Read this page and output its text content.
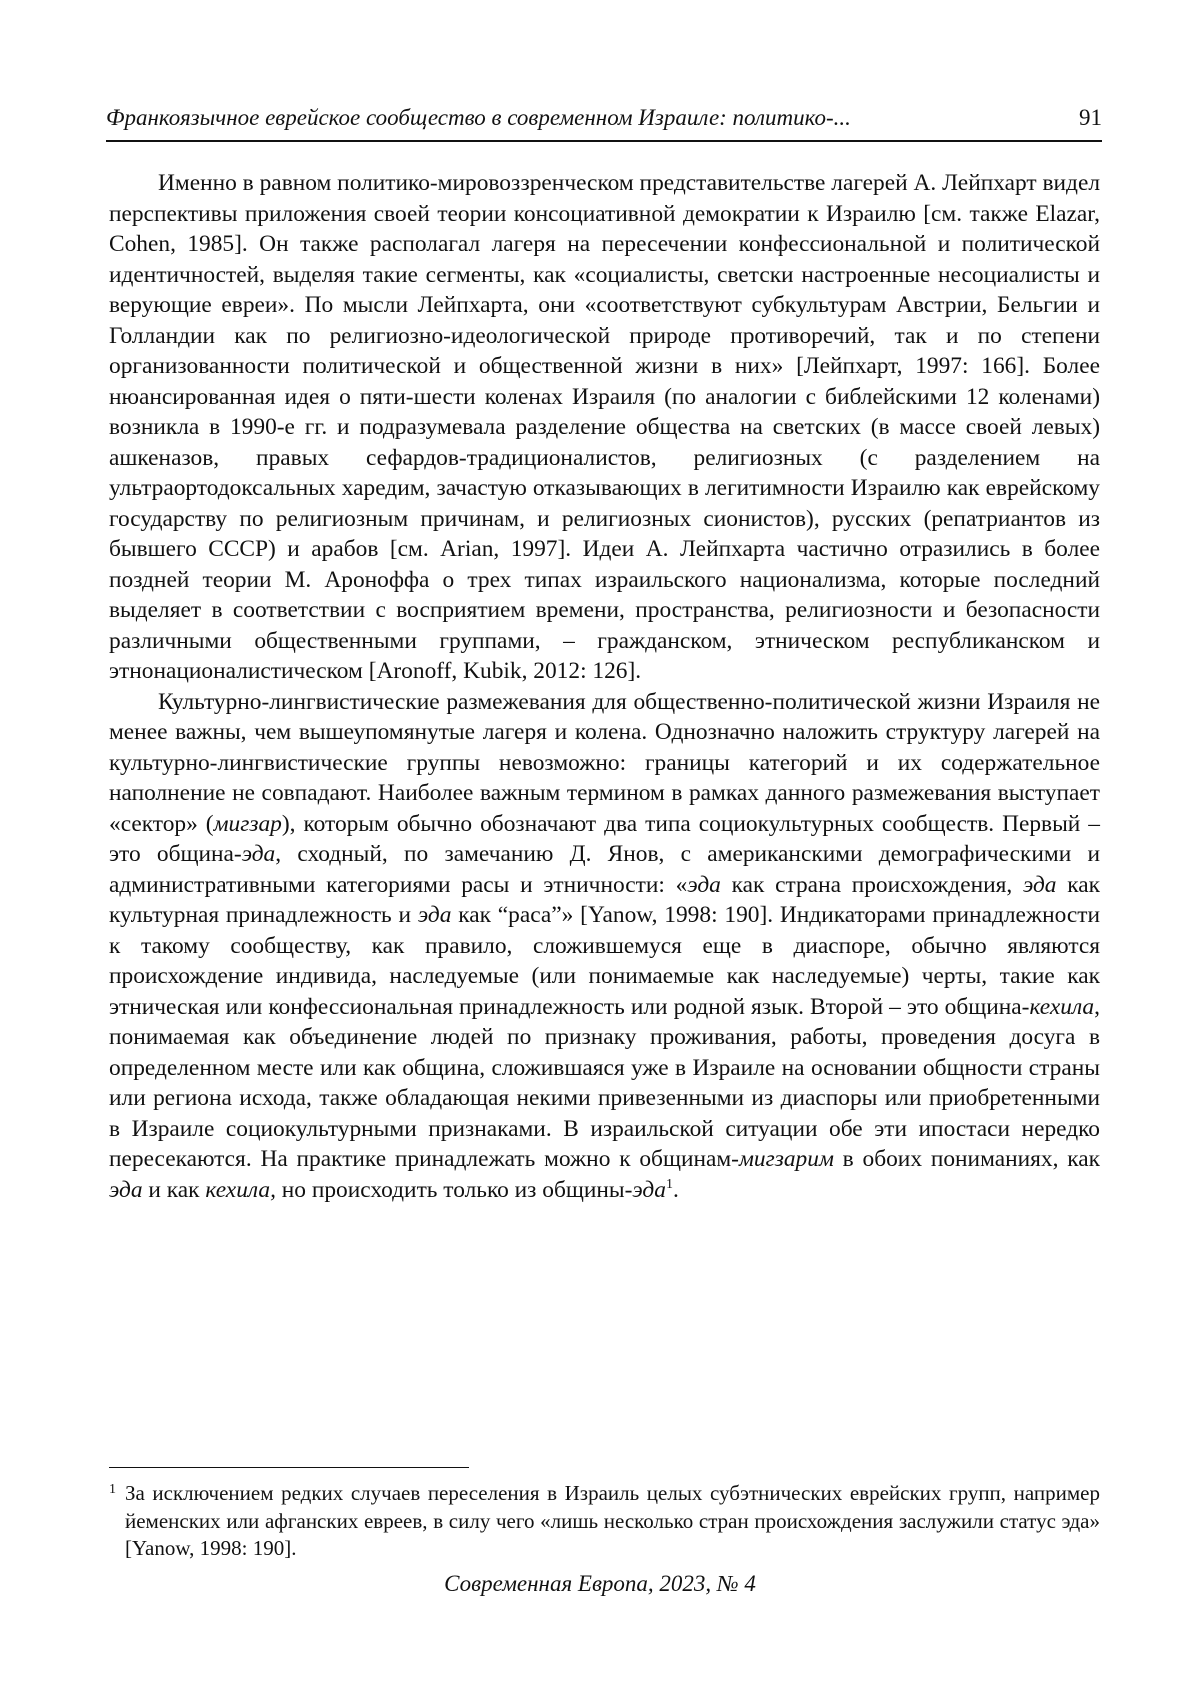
Франкоязычное еврейское сообщество в современном Израиле: политико-...	91

Именно в равном политико-мировоззренческом представительстве лагерей А. Лейпхарт видел перспективы приложения своей теории консоциативной демократии к Израилю [см. также Elazar, Cohen, 1985]. Он также располагал лагеря на пересечении конфессиональной и политической идентичностей, выделяя такие сегменты, как «социалисты, светски настроенные несоциалисты и верующие евреи». По мысли Лейпхарта, они «соответствуют субкультурам Австрии, Бельгии и Голландии как по религиозно-идеологической природе противоречий, так и по степени организованности политической и общественной жизни в них» [Лейпхарт, 1997: 166]. Более нюансированная идея о пяти-шести коленах Израиля (по аналогии с библейскими 12 коленами) возникла в 1990-е гг. и подразумевала разделение общества на светских (в массе своей левых) ашкеназов, правых сефардов-традиционалистов, религиозных (с разделением на ультраортодоксальных харедим, зачастую отказывающих в легитимности Израилю как еврейскому государству по религиозным причинам, и религиозных сионистов), русских (репатриантов из бывшего СССР) и арабов [см. Arian, 1997]. Идеи А. Лейпхарта частично отразились в более поздней теории М. Аронoффа о трех типах израильского национализма, которые последний выделяет в соответствии с восприятием времени, пространства, религиозности и безопасности различными общественными группами, – гражданском, этническом республиканском и этнонационалистическом [Aronoff, Kubik, 2012: 126].

Культурно-лингвистические размежевания для общественно-политической жизни Израиля не менее важны, чем вышеупомянутые лагеря и колена. Однозначно наложить структуру лагерей на культурно-лингвистические группы невозможно: границы категорий и их содержательное наполнение не совпадают. Наиболее важным термином в рамках данного размежевания выступает «сектор» (мигзар), которым обычно обозначают два типа социокультурных сообществ. Первый – это община-эда, сходный, по замечанию Д. Янов, с американскими демографическими и административными категориями расы и этничности: «эда как страна происхождения, эда как культурная принадлежность и эда как “раса”» [Yanow, 1998: 190]. Индикаторами принадлежности к такому сообществу, как правило, сложившемуся еще в диаспоре, обычно являются происхождение индивида, наследуемые (или понимаемые как наследуемые) черты, такие как этническая или конфессиональная принадлежность или родной язык. Второй – это община-кехила, понимаемая как объединение людей по признаку проживания, работы, проведения досуга в определенном месте или как община, сложившаяся уже в Израиле на основании общности страны или региона исхода, также обладающая некими привезенными из диаспоры или приобретенными в Израиле социокультурными признаками. В израильской ситуации обе эти ипостаси нередко пересекаются. На практике принадлежать можно к общинам-мигзарим в обоих пониманиях, как эда и как кехила, но происходить только из общины-эда$^1$.

1 За исключением редких случаев переселения в Израиль целых субэтнических еврейских групп, например йеменских или афганских евреев, в силу чего «лишь несколько стран происхождения заслужили статус эда» [Yanow, 1998: 190].
Современная Европа, 2023, № 4
